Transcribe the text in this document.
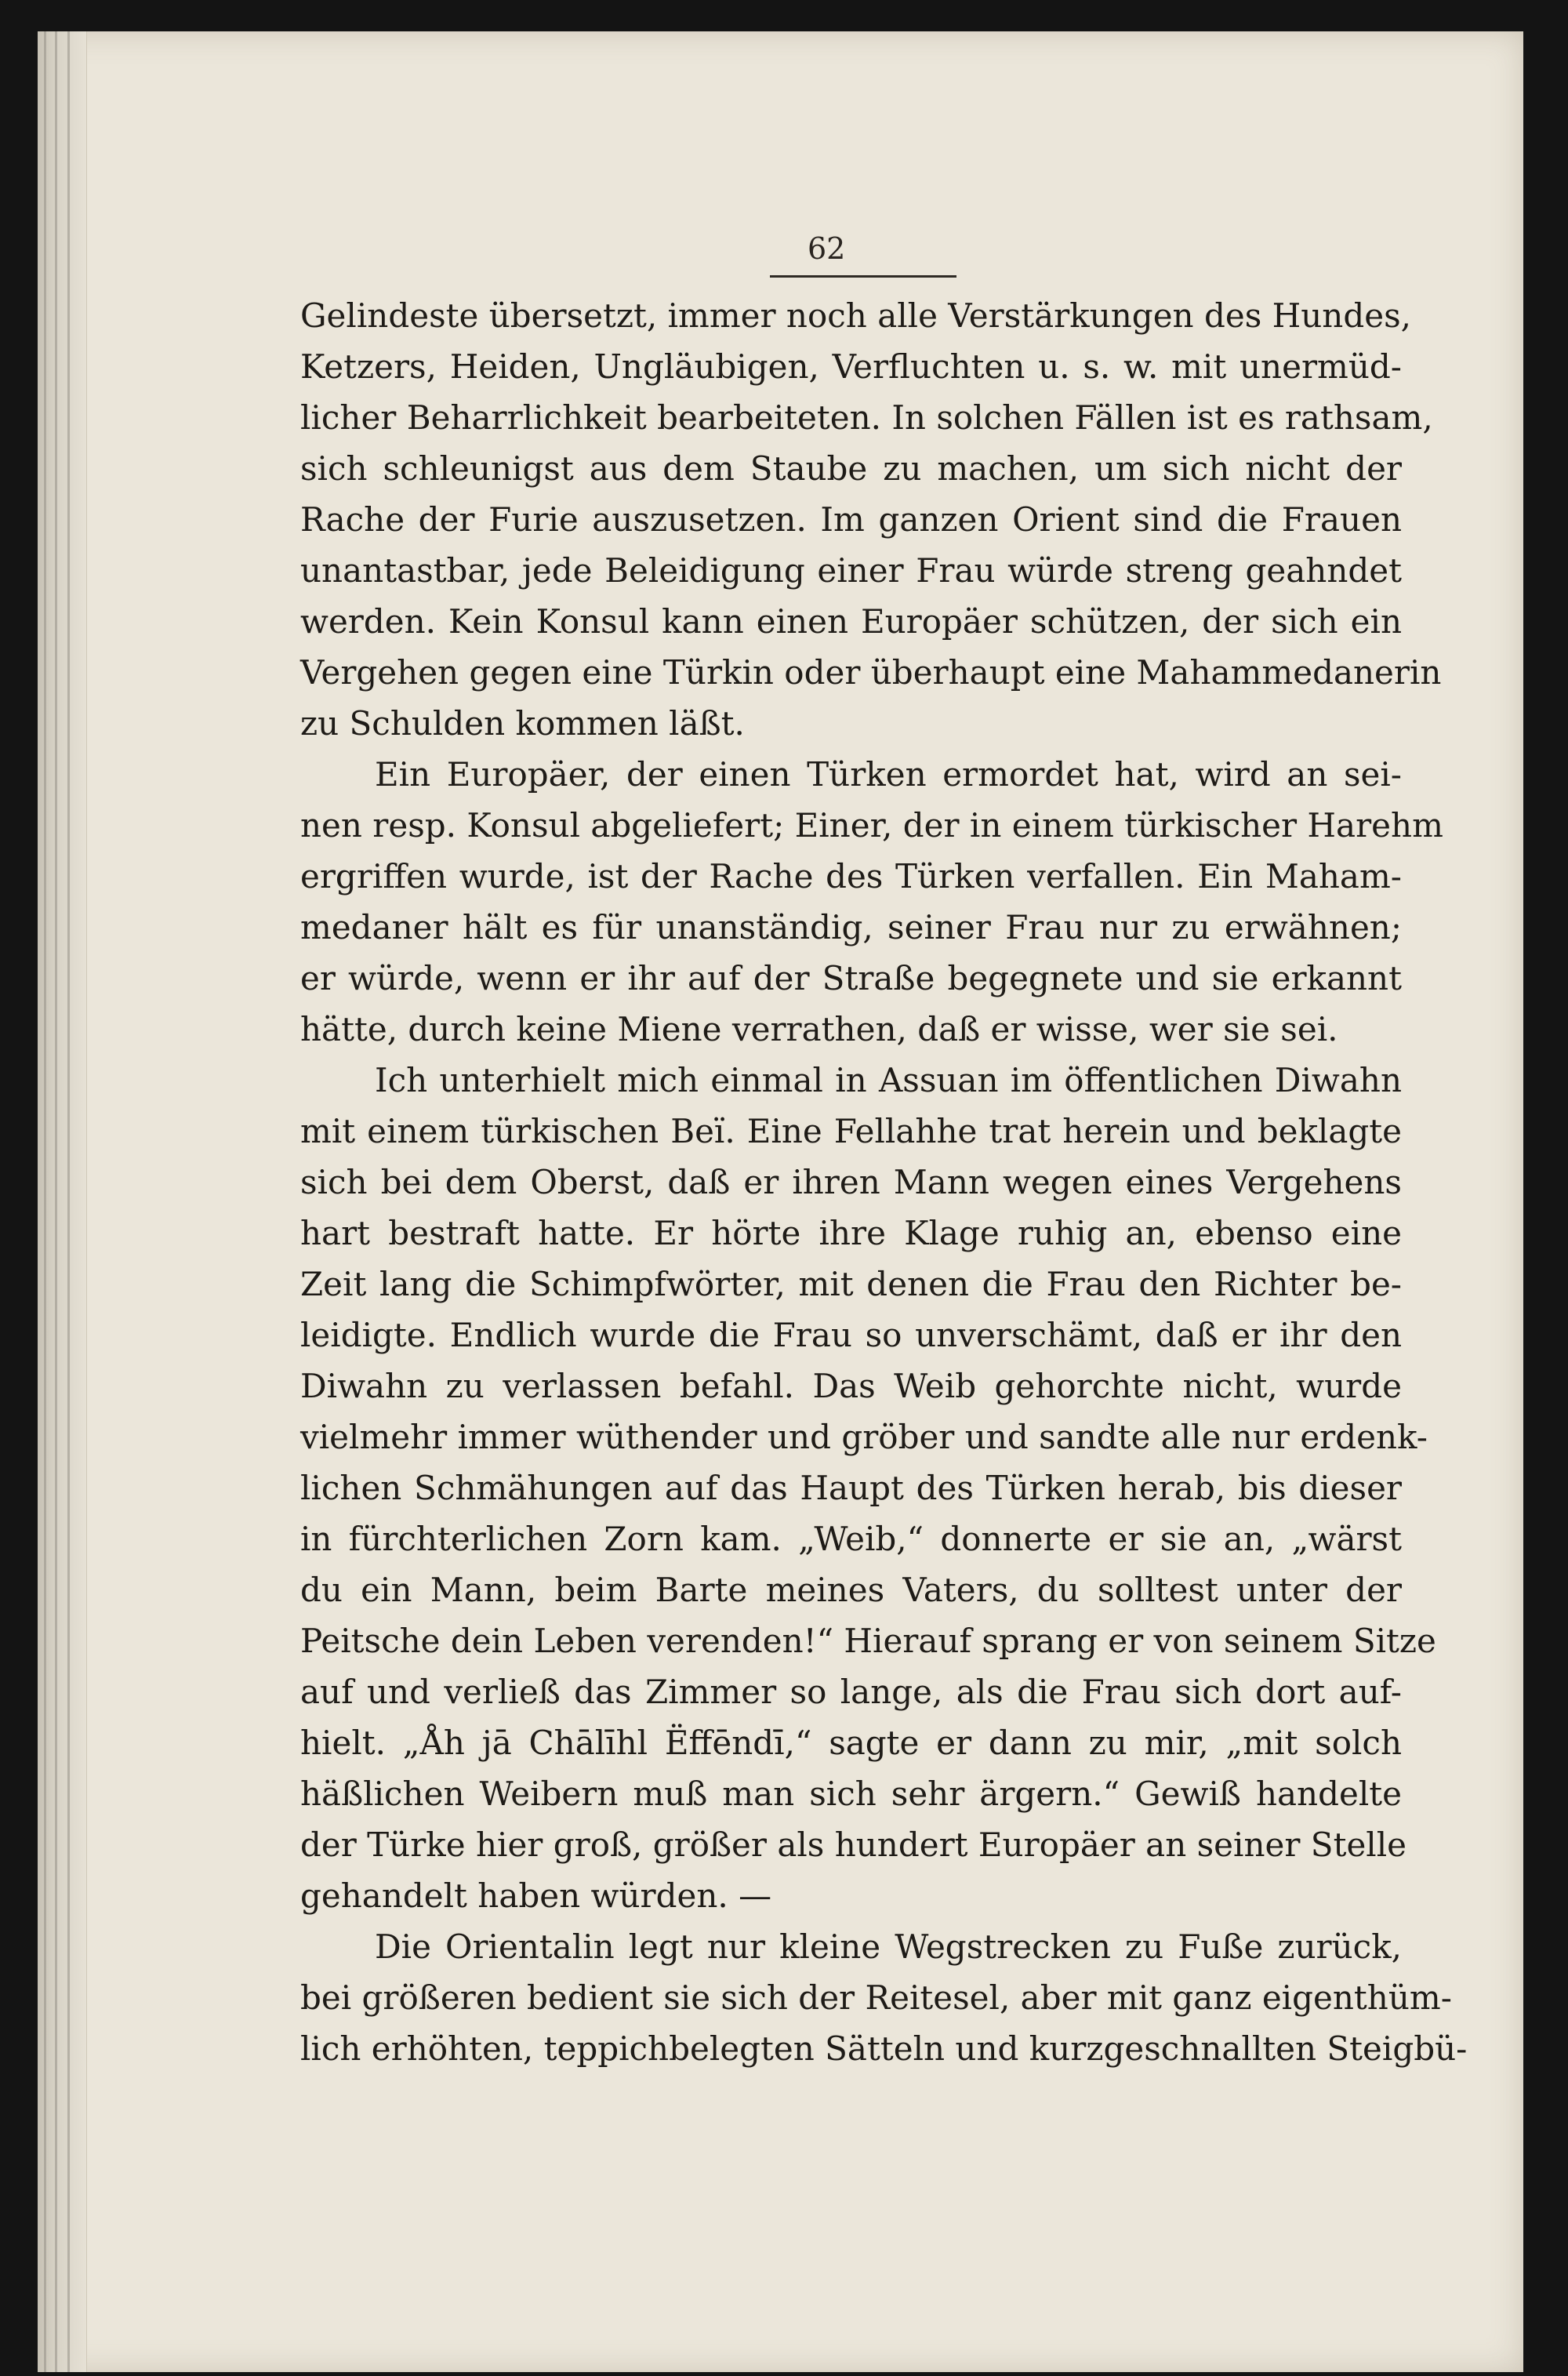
62
Gelindeste übersetzt, immer noch alle Verstärkungen des Hundes,
Ketzers, Heiden, Ungläubigen, Verfluchten u. s. w. mit unermüd-
licher Beharrlichkeit bearbeiteten. In solchen Fällen ist es rathsam,
sich schleunigst aus dem Staube zu machen, um sich nicht der
Rache der Furie auszusetzen. Im ganzen Orient sind die Frauen
unantastbar, jede Beleidigung einer Frau würde streng geahndet
werden. Kein Konsul kann einen Europäer schützen, der sich ein
Vergehen gegen eine Türkin oder überhaupt eine Mahammedanerin
zu Schulden kommen läßt.
Ein Europäer, der einen Türken ermordet hat, wird an sei-
nen resp. Konsul abgeliefert; Einer, der in einem türkischer Harehm
ergriffen wurde, ist der Rache des Türken verfallen. Ein Maham-
medaner hält es für unanständig, seiner Frau nur zu erwähnen;
er würde, wenn er ihr auf der Straße begegnete und sie erkannt
hätte, durch keine Miene verrathen, daß er wisse, wer sie sei.
Ich unterhielt mich einmal in Assuan im öffentlichen Diwahn
mit einem türkischen Beï. Eine Fellahhe trat herein und beklagte
sich bei dem Oberst, daß er ihren Mann wegen eines Vergehens
hart bestraft hatte. Er hörte ihre Klage ruhig an, ebenso eine
Zeit lang die Schimpfwörter, mit denen die Frau den Richter be-
leidigte. Endlich wurde die Frau so unverschämt, daß er ihr den
Diwahn zu verlassen befahl. Das Weib gehorchte nicht, wurde
vielmehr immer wüthender und gröber und sandte alle nur erdenk-
lichen Schmähungen auf das Haupt des Türken herab, bis dieser
in fürchterlichen Zorn kam. „Weib,“ donnerte er sie an, „wärst
du ein Mann, beim Barte meines Vaters, du solltest unter der
Peitsche dein Leben verenden!“ Hierauf sprang er von seinem Sitze
auf und verließ das Zimmer so lange, als die Frau sich dort auf-
hielt. „Åh jā Chālīhl Ëffēndī,“ sagte er dann zu mir, „mit solch
häßlichen Weibern muß man sich sehr ärgern.“ Gewiß handelte
der Türke hier groß, größer als hundert Europäer an seiner Stelle
gehandelt haben würden. —
Die Orientalin legt nur kleine Wegstrecken zu Fuße zurück,
bei größeren bedient sie sich der Reitesel, aber mit ganz eigenthüm-
lich erhöhten, teppichbelegten Sätteln und kurzgeschnallten Steigbü-
